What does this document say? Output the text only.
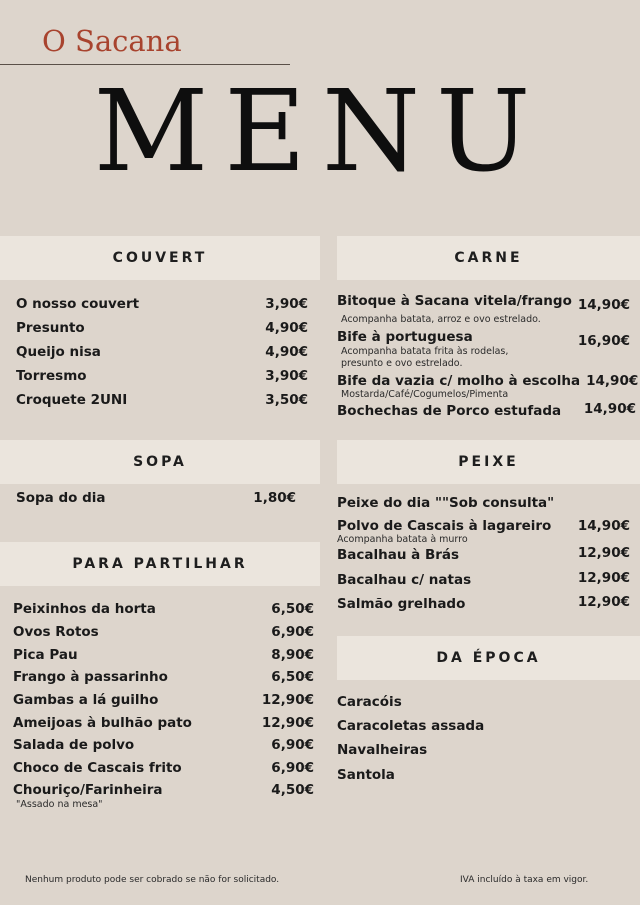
O Sacana
MENU
COUVERT
O nosso couvert	3,90€
Presunto	4,90€
Queijo nisa	4,90€
Torresmo	3,90€
Croquete 2UNI	3,50€
SOPA
Sopa do dia	1,80€
PARA PARTILHAR
Peixinhos da horta	6,50€
Ovos Rotos	6,90€
Pica Pau	8,90€
Frango à passarinho	6,50€
Gambas a lá guilho	12,90€
Ameijoas à bulhão pato	12,90€
Salada de polvo	6,90€
Choco de Cascais frito	6,90€
Chouriço/Farinheira	4,50€
"Assado na mesa"
CARNE
Bitoque à Sacana vitela/frango 14,90€
Acompanha batata, arroz e ovo estrelado.
Bife à portuguesa	16,90€
Acompanha batata frita às rodelas,
presunto e ovo estrelado.
Bife da vazia c/ molho à escolha 14,90€
Mostarda/Café/Cogumelos/Pimenta
Bochechas de Porco estufada 14,90€
PEIXE
Peixe do dia ""Sob consulta"
Polvo de Cascais à lagareiro 14,90€
Acompanha batata à murro
Bacalhau à Brás	12,90€
Bacalhau c/ natas	12,90€
Salmão grelhado	12,90€
DA ÉPOCA
Caracóis
Caracoletas assada
Navalheiras
Santola
Nenhum produto pode ser cobrado se não for solicitado.	IVA incluído à taxa em vigor.
